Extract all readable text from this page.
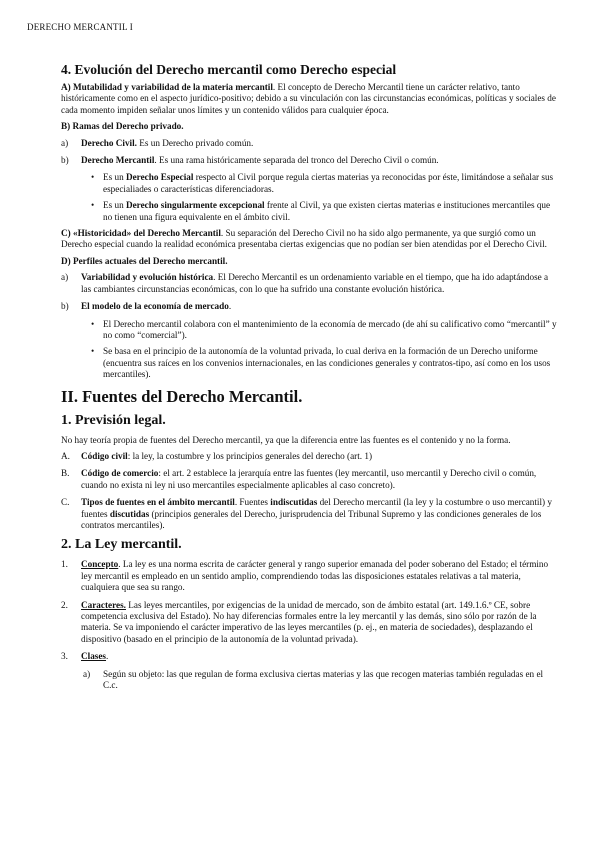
DERECHO MERCANTIL I
4. Evolución del Derecho mercantil como Derecho especial

A) Mutabilidad y variabilidad de la materia mercantil. El concepto de Derecho Mercantil tiene un carácter relativo, tanto históricamente como en el aspecto jurídico-positivo; debido a su vinculación con las circunstancias económicas, políticas y sociales de cada momento impiden señalar unos límites y un contenido válidos para cualquier época.

B) Ramas del Derecho privado.
a)	Derecho Civil. Es un Derecho privado común.
b)	Derecho Mercantil. Es una rama históricamente separada del tronco del Derecho Civil o común.
• Es un Derecho Especial respecto al Civil porque regula ciertas materias ya reconocidas por éste, limitándose a señalar sus especialiades o características diferenciadoras.
• Es un Derecho singularmente excepcional frente al Civil, ya que existen ciertas materias e instituciones mercantiles que no tienen una figura equivalente en el ámbito civil.

C) «Historicidad» del Derecho Mercantil. Su separación del Derecho Civil no ha sido algo permanente, ya que surgió como un Derecho especial cuando la realidad económica presentaba ciertas exigencias que no podían ser bien atendidas por el Derecho Civil.

D) Perfiles actuales del Derecho mercantil.
a)	Variabilidad y evolución histórica. El Derecho Mercantil es un ordenamiento variable en el tiempo, que ha ido adaptándose a las cambiantes circunstancias económicas, con lo que ha sufrido una constante evolución histórica.
b)	El modelo de la economía de mercado.
• El Derecho mercantil colabora con el mantenimiento de la economía de mercado (de ahí su calificativo como “mercantil” y no como “comercial”).
• Se basa en el principio de la autonomía de la voluntad privada, lo cual deriva en la formación de un Derecho uniforme (encuentra sus raíces en los convenios internacionales, en las condiciones generales y contratos-tipo, así como en los usos mercantiles).
II. Fuentes del Derecho Mercantil.
1. Previsión legal.

No hay teoría propia de fuentes del Derecho mercantil, ya que la diferencia entre las fuentes es el contenido y no la forma.

A.	Código civil: la ley, la costumbre y los principios generales del derecho (art. 1)
B.	Código de comercio: el art. 2 establece la jerarquía entre las fuentes (ley mercantil, uso mercantil y Derecho civil o común, cuando no exista ni ley ni uso mercantiles especialmente aplicables al caso concreto).
C.	Tipos de fuentes en el ámbito mercantil. Fuentes indiscutidas del Derecho mercantil (la ley y la costumbre o uso mercantil) y fuentes discutidas (principios generales del Derecho, jurisprudencia del Tribunal Supremo y las condiciones generales de los contratos mercantiles).
2. La Ley mercantil.
1.	Concepto. La ley es una norma escrita de carácter general y rango superior emanada del poder soberano del Estado; el término ley mercantil es empleado en un sentido amplio, comprendiendo todas las disposiciones estatales relativas a tal materia, cualquiera que sea su rango.
2.	Caracteres. Las leyes mercantiles, por exigencias de la unidad de mercado, son de ámbito estatal (art. 149.1.6.º CE, sobre competencia exclusiva del Estado). No hay diferencias formales entre la ley mercantil y las demás, sino sólo por razón de la materia. Se va imponiendo el carácter imperativo de las leyes mercantiles (p. ej., en materia de sociedades), desplazando el dispositivo (basado en el principio de la autonomía de la voluntad privada).
3.	Clases.
a)	Según su objeto: las que regulan de forma exclusiva ciertas materias y las que recogen materias también reguladas en el C.c.
